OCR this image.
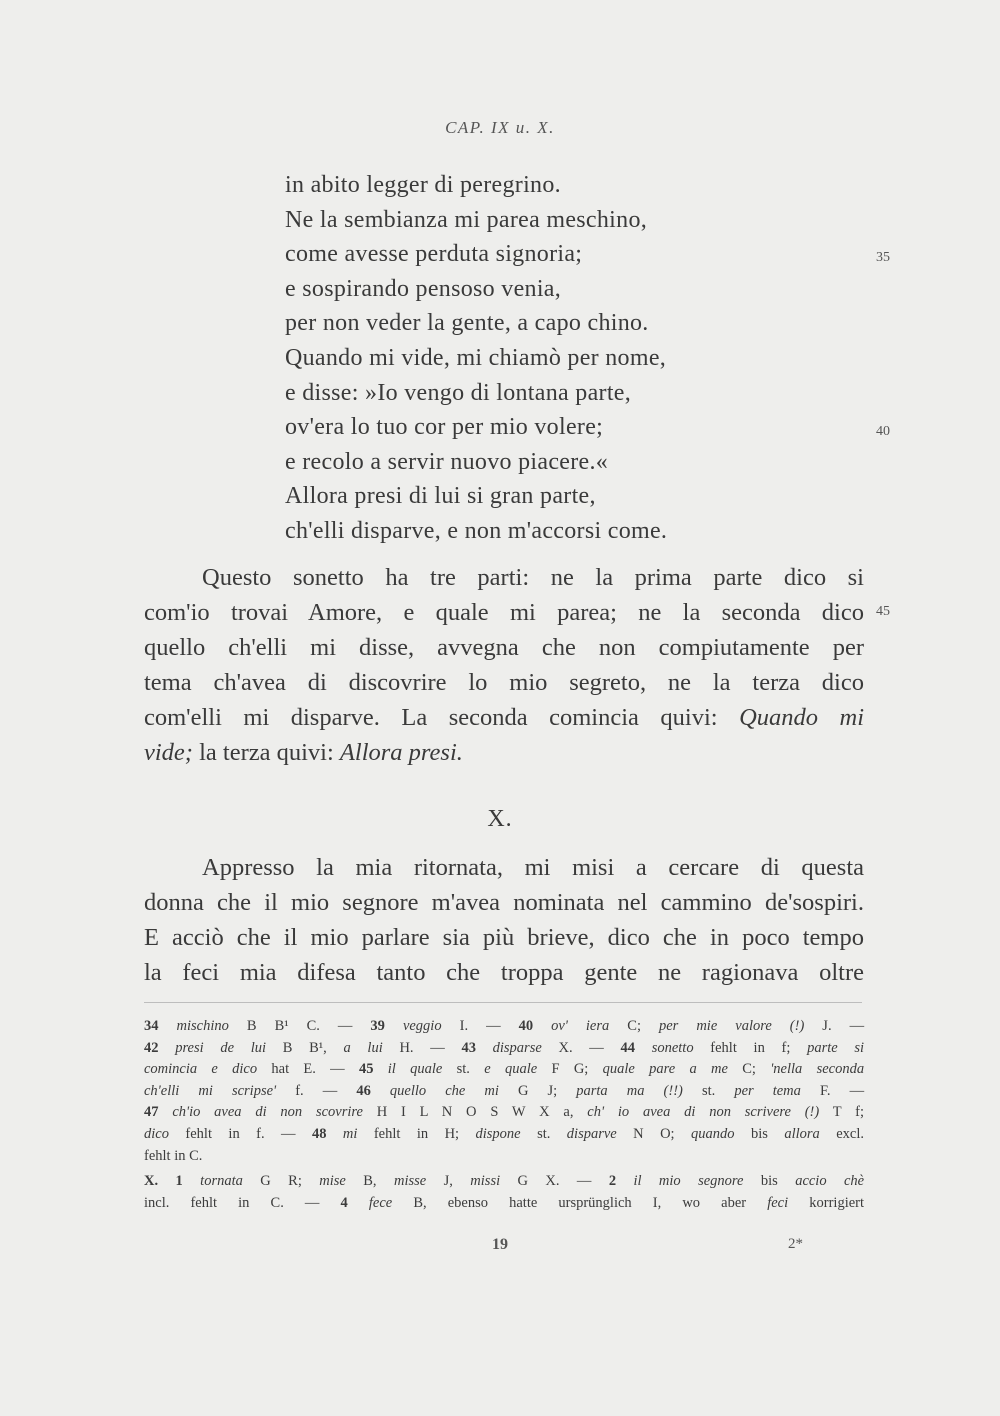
CAP. IX u. X.
in abito legger di peregrino.
Ne la sembianza mi parea meschino,
come avesse perduta signoria;
e sospirando pensoso venia,
per non veder la gente, a capo chino.
Quando mi vide, mi chiamò per nome,
e disse: »Io vengo di lontana parte,
ov'era lo tuo cor per mio volere;
e recolo a servir nuovo piacere.«
Allora presi di lui si gran parte,
ch'elli disparve, e non m'accorsi come.
35
40
45
Questo sonetto ha tre parti: ne la prima parte dico si
com'io trovai Amore, e quale mi parea; ne la seconda dico
quello ch'elli mi disse, avvegna che non compiutamente per
tema ch'avea di discovrire lo mio segreto, ne la terza dico
com'elli mi disparve. La seconda comincia quivi: Quando mi
vide; la terza quivi: Allora presi.
X.
Appresso la mia ritornata, mi misi a cercare di questa
donna che il mio segnore m'avea nominata nel cammino de'sospiri.
E acciò che il mio parlare sia più brieve, dico che in poco tempo
la feci mia difesa tanto che troppa gente ne ragionava oltre
34 mischino B B¹ C. — 39 veggio I. — 40 ov' iera C; per mie valore (!) J. —
42 presi de lui B B¹, a lui H. — 43 disparse X. — 44 sonetto fehlt in f; parte si
comincia e dico hat E. — 45 il quale st. e quale F G; quale pare a me C; 'nella seconda
ch'elli mi scripse' f. — 46 quello che mi G J; parta ma (!!) st. per tema F. —
47 ch'io avea di non scovrire H I L N O S W X a, ch' io avea di non scrivere (!) T f;
dico fehlt in f. — 48 mi fehlt in H; dispone st. disparve N O; quando bis allora excl.
fehlt in C.
X. 1 tornata G R; mise B, misse J, missi G X. — 2 il mio segnore bis accio chè
incl. fehlt in C. — 4 fece B, ebenso hatte ursprünglich I, wo aber feci korrigiert
19	2*
